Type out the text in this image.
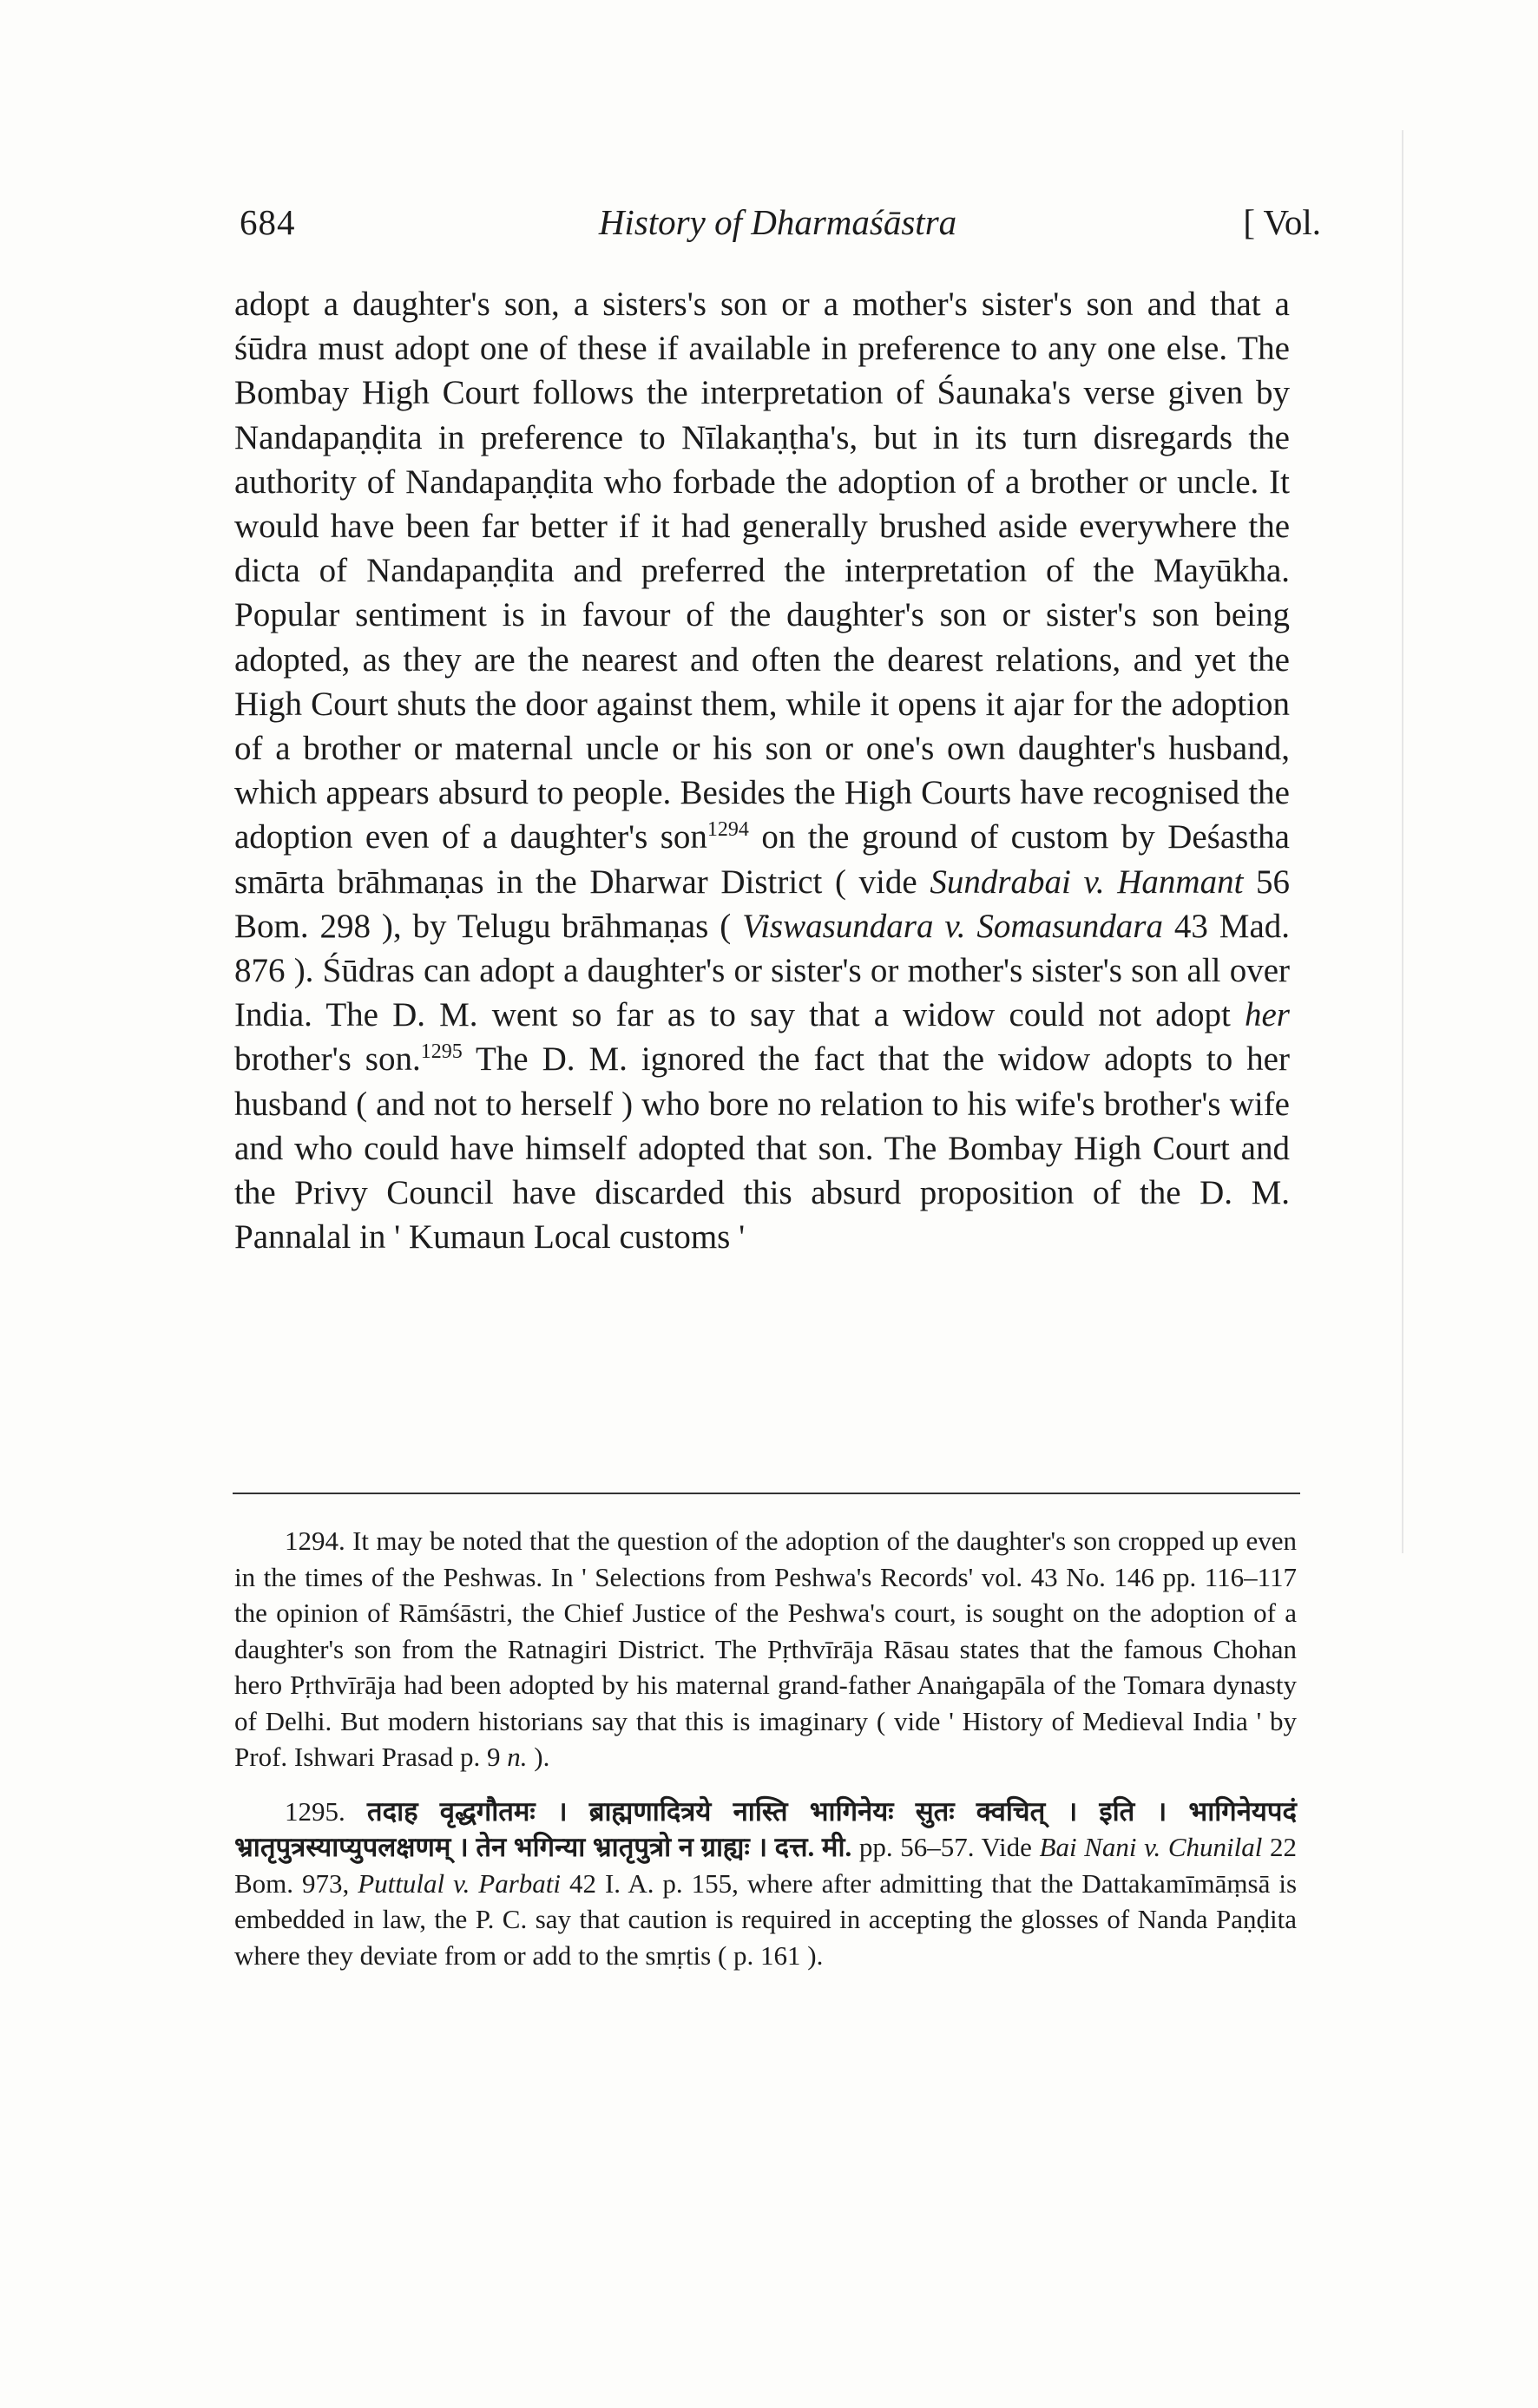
684	History of Dharmaśāstra	[ Vol.

adopt a daughter's son, a sisters's son or a mother's sister's son and that a śūdra must adopt one of these if available in preference to any one else. The Bombay High Court follows the interpretation of Śaunaka's verse given by Nandapaṇḍita in preference to Nīlakaṇṭha's, but in its turn disregards the authority of Nandapaṇḍita who forbade the adoption of a brother or uncle. It would have been far better if it had generally brushed aside everywhere the dicta of Nandapaṇḍita and preferred the interpretation of the Mayūkha. Popular sentiment is in favour of the daughter's son or sister's son being adopted, as they are the nearest and often the dearest relations, and yet the High Court shuts the door against them, while it opens it ajar for the adoption of a brother or maternal uncle or his son or one's own daughter's husband, which appears absurd to people. Besides the High Courts have recognised the adoption even of a daughter's son$^{1294}$ on the ground of custom by Deśastha smārta brāhmaṇas in the Dharwar District ( vide Sundrabai v. Hanmant 56 Bom. 298 ), by Telugu brāhmaṇas ( Viswasundara v. Somasundara 43 Mad. 876 ). Śūdras can adopt a daughter's or sister's or mother's sister's son all over India. The D. M. went so far as to say that a widow could not adopt her brother's son.$^{1295}$ The D. M. ignored the fact that the widow adopts to her husband ( and not to herself ) who bore no relation to his wife's brother's wife and who could have himself adopted that son. The Bombay High Court and the Privy Council have discarded this absurd proposition of the D. M. Pannalal in ' Kumaun Local customs '

1294. It may be noted that the question of the adoption of the daughter's son cropped up even in the times of the Peshwas. In ' Selections from Peshwa's Records' vol. 43 No. 146 pp. 116–117 the opinion of Rāmśāstri, the Chief Justice of the Peshwa's court, is sought on the adoption of a daughter's son from the Ratnagiri District. The Pṛthvīrāja Rāsau states that the famous Chohan hero Pṛthvīrāja had been adopted by his maternal grand-father Anaṅgapāla of the Tomara dynasty of Delhi. But modern historians say that this is imaginary ( vide ' History of Medieval India ' by Prof. Ishwari Prasad p. 9 n. ).

1295. तदाह वृद्धगौतमः । ब्राह्मणादित्रये नास्ति भागिनेयः सुतः क्वचित् । इति । भागिनेयपदं भ्रातृपुत्रस्याप्युपलक्षणम् । तेन भगिन्या भ्रातृपुत्रो न ग्राह्यः । दत्त. मी. pp. 56–57. Vide Bai Nani v. Chunilal 22 Bom. 973, Puttulal v. Parbati 42 I. A. p. 155, where after admitting that the Dattakamīmāṃsā is embedded in law, the P. C. say that caution is required in accepting the glosses of Nanda Paṇḍita where they deviate from or add to the smṛtis ( p. 161 ).
